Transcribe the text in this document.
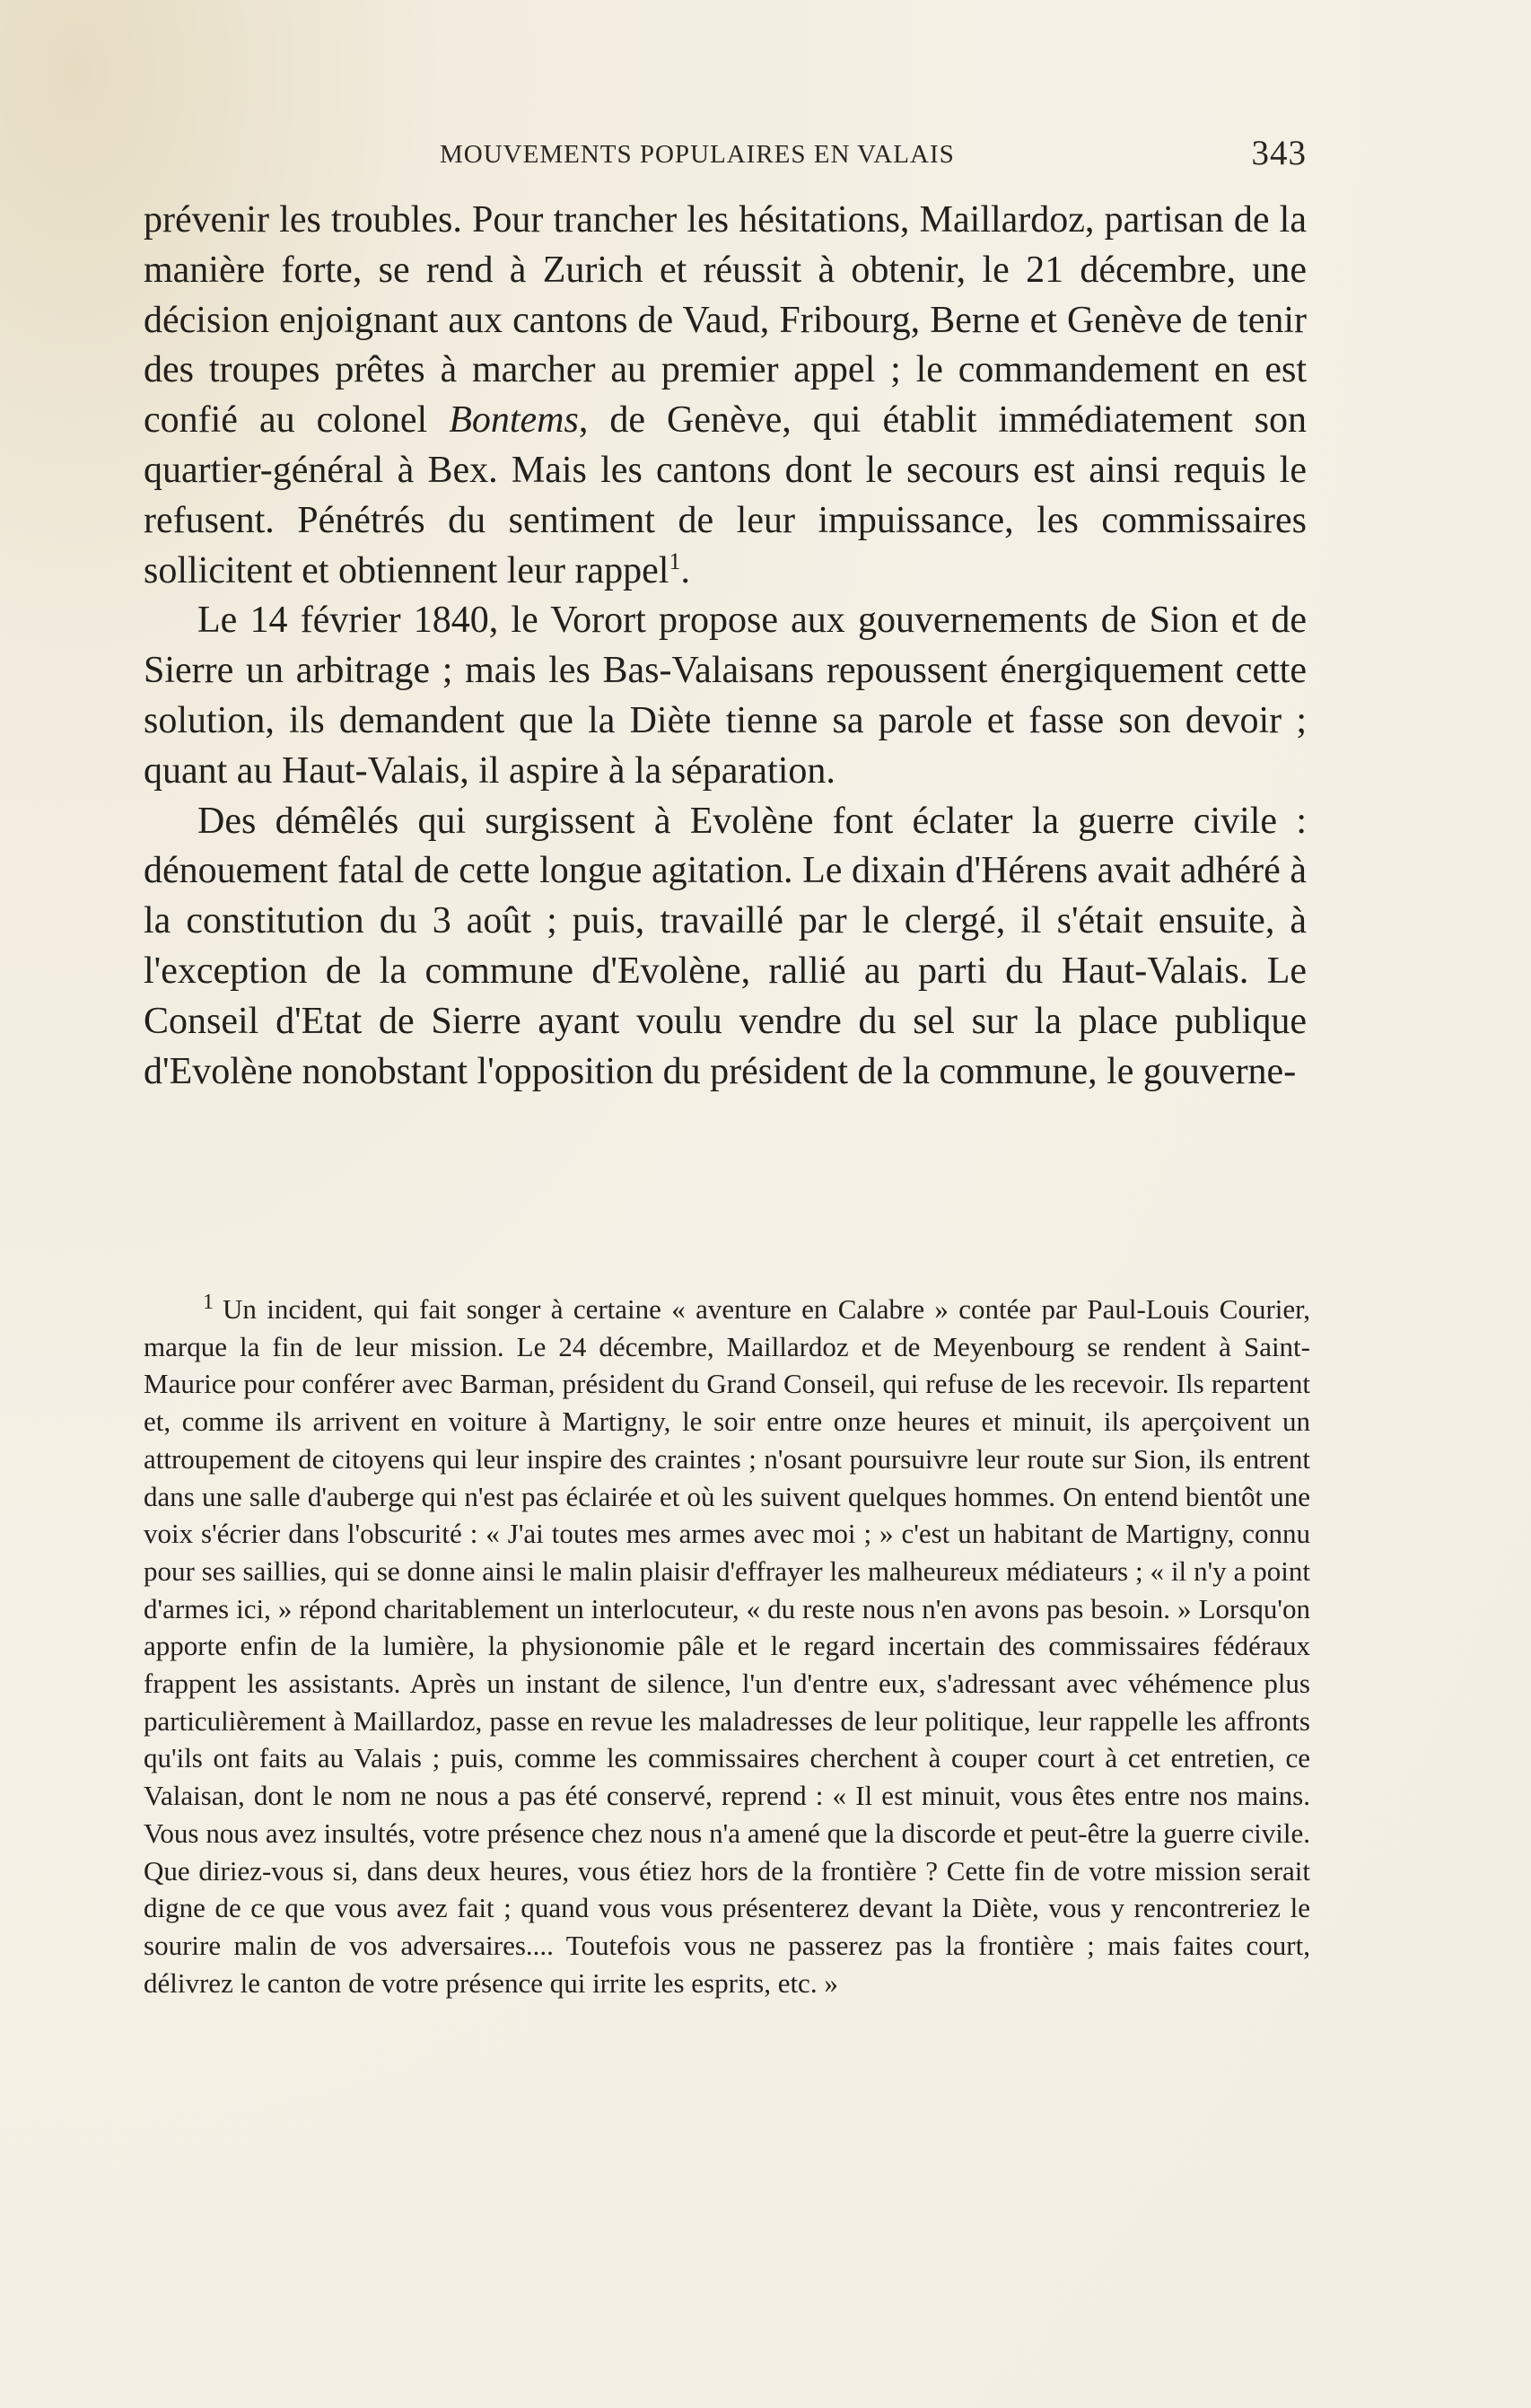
MOUVEMENTS POPULAIRES EN VALAIS	343

prévenir les troubles. Pour trancher les hésitations, Maillardoz, partisan de la manière forte, se rend à Zurich et réussit à obtenir, le 21 décembre, une décision enjoignant aux cantons de Vaud, Fribourg, Berne et Genève de tenir des troupes prêtes à marcher au premier appel ; le commandement en est confié au colonel Bontems, de Genève, qui établit immédiatement son quartier-général à Bex. Mais les cantons dont le secours est ainsi requis le refusent. Pénétrés du sentiment de leur impuissance, les commissaires sollicitent et obtiennent leur rappel$^1$.

Le 14 février 1840, le Vorort propose aux gouvernements de Sion et de Sierre un arbitrage ; mais les Bas-Valaisans repoussent énergiquement cette solution, ils demandent que la Diète tienne sa parole et fasse son devoir ; quant au Haut-Valais, il aspire à la séparation.

Des démêlés qui surgissent à Evolène font éclater la guerre civile : dénouement fatal de cette longue agitation. Le dixain d'Hérens avait adhéré à la constitution du 3 août ; puis, travaillé par le clergé, il s'était ensuite, à l'exception de la commune d'Evolène, rallié au parti du Haut-Valais. Le Conseil d'Etat de Sierre ayant voulu vendre du sel sur la place publique d'Evolène nonobstant l'opposition du président de la commune, le gouverne-

$^1$ Un incident, qui fait songer à certaine « aventure en Calabre » contée par Paul-Louis Courier, marque la fin de leur mission. Le 24 décembre, Maillardoz et de Meyenbourg se rendent à Saint-Maurice pour conférer avec Barman, président du Grand Conseil, qui refuse de les recevoir. Ils repartent et, comme ils arrivent en voiture à Martigny, le soir entre onze heures et minuit, ils aperçoivent un attroupement de citoyens qui leur inspire des craintes ; n'osant poursuivre leur route sur Sion, ils entrent dans une salle d'auberge qui n'est pas éclairée et où les suivent quelques hommes. On entend bientôt une voix s'écrier dans l'obscurité : « J'ai toutes mes armes avec moi ; » c'est un habitant de Martigny, connu pour ses saillies, qui se donne ainsi le malin plaisir d'effrayer les malheureux médiateurs ; « il n'y a point d'armes ici, » répond charitablement un interlocuteur, « du reste nous n'en avons pas besoin. » Lorsqu'on apporte enfin de la lumière, la physionomie pâle et le regard incertain des commissaires fédéraux frappent les assistants. Après un instant de silence, l'un d'entre eux, s'adressant avec véhémence plus particulièrement à Maillardoz, passe en revue les maladresses de leur politique, leur rappelle les affronts qu'ils ont faits au Valais ; puis, comme les commissaires cherchent à couper court à cet entretien, ce Valaisan, dont le nom ne nous a pas été conservé, reprend : « Il est minuit, vous êtes entre nos mains. Vous nous avez insultés, votre présence chez nous n'a amené que la discorde et peut-être la guerre civile. Que diriez-vous si, dans deux heures, vous étiez hors de la frontière ? Cette fin de votre mission serait digne de ce que vous avez fait ; quand vous vous présenterez devant la Diète, vous y rencontreriez le sourire malin de vos adversaires.... Toutefois vous ne passerez pas la frontière ; mais faites court, délivrez le canton de votre présence qui irrite les esprits, etc. »
